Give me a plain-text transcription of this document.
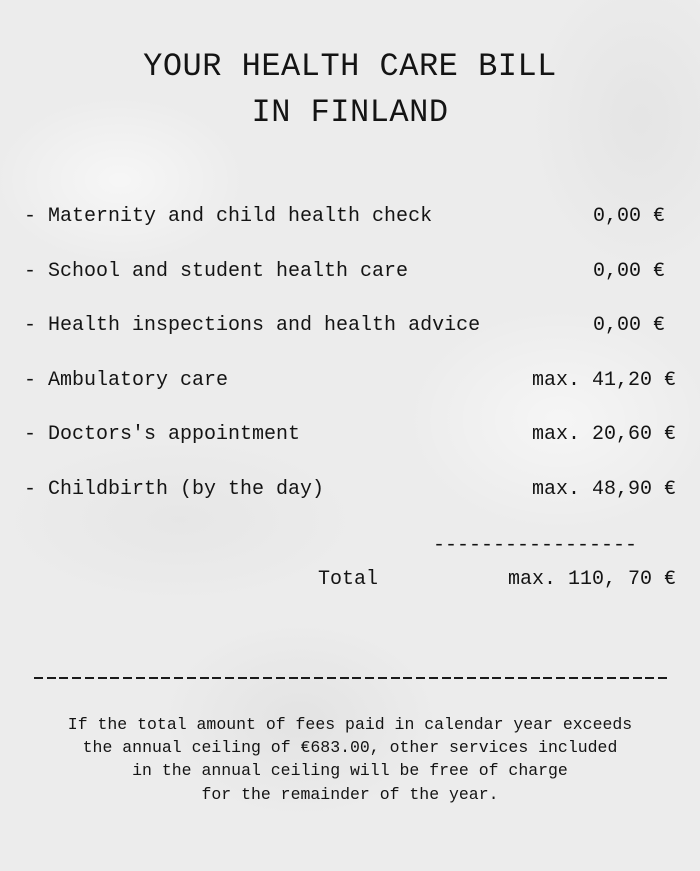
YOUR HEALTH CARE BILL
IN FINLAND
- Maternity and child health check	0,00 €
- School and student health care	0,00 €
- Health inspections and health advice	0,00 €
- Ambulatory care	max. 41,20 €
- Doctors's appointment	max. 20,60 €
- Childbirth (by the day)	max. 48,90 €
-----------------
Total	max. 110, 70 €

If the total amount of fees paid in calendar year exceeds
the annual ceiling of €683.00, other services included
in the annual ceiling will be free of charge
for the remainder of the year.
